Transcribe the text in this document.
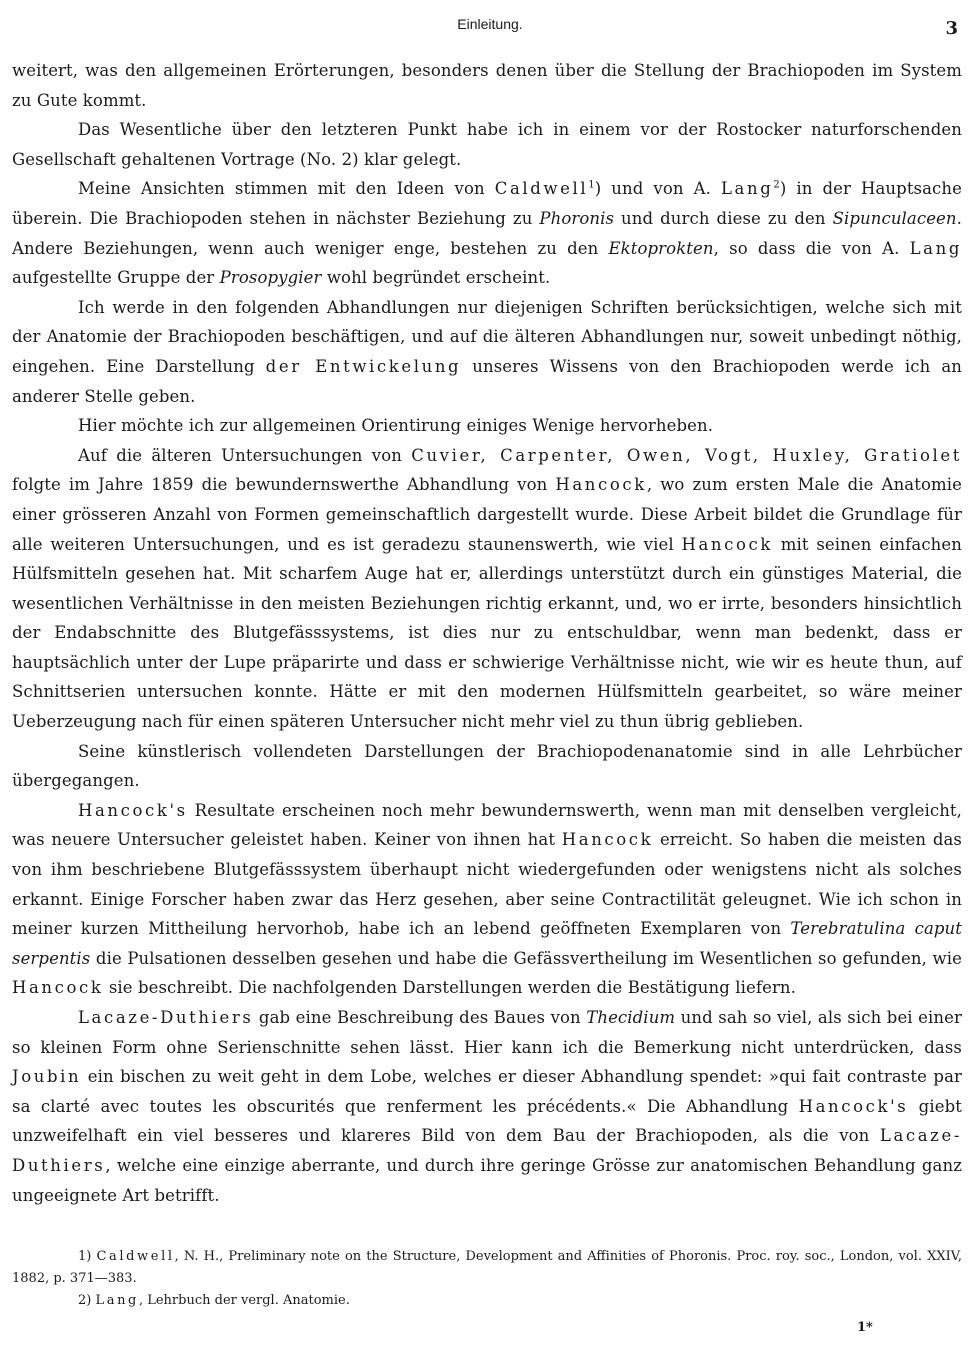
Einleitung.	3

weitert, was den allgemeinen Erörterungen, besonders denen über die Stellung der Brachiopoden im System zu Gute kommt.

Das Wesentliche über den letzteren Punkt habe ich in einem vor der Rostocker naturforschenden Gesellschaft gehaltenen Vortrage (No. 2) klar gelegt.

Meine Ansichten stimmen mit den Ideen von Caldwell$^1$) und von A. Lang$^2$) in der Hauptsache überein. Die Brachiopoden stehen in nächster Beziehung zu Phoronis und durch diese zu den Sipunculaceen. Andere Beziehungen, wenn auch weniger enge, bestehen zu den Ektoprokten, so dass die von A. Lang aufgestellte Gruppe der Prosopygier wohl begründet erscheint.

Ich werde in den folgenden Abhandlungen nur diejenigen Schriften berücksichtigen, welche sich mit der Anatomie der Brachiopoden beschäftigen, und auf die älteren Abhandlungen nur, soweit unbedingt nöthig, eingehen. Eine Darstellung der Entwickelung unseres Wissens von den Brachiopoden werde ich an anderer Stelle geben.

Hier möchte ich zur allgemeinen Orientirung einiges Wenige hervorheben.

Auf die älteren Untersuchungen von Cuvier, Carpenter, Owen, Vogt, Huxley, Gratiolet folgte im Jahre 1859 die bewundernswerthe Abhandlung von Hancock, wo zum ersten Male die Anatomie einer grösseren Anzahl von Formen gemeinschaftlich dargestellt wurde. Diese Arbeit bildet die Grundlage für alle weiteren Untersuchungen, und es ist geradezu staunenswerth, wie viel Hancock mit seinen einfachen Hülfsmitteln gesehen hat. Mit scharfem Auge hat er, allerdings unterstützt durch ein günstiges Material, die wesentlichen Verhältnisse in den meisten Beziehungen richtig erkannt, und, wo er irrte, besonders hinsichtlich der Endabschnitte des Blutgefässsystems, ist dies nur zu entschuldbar, wenn man bedenkt, dass er hauptsächlich unter der Lupe präparirte und dass er schwierige Verhältnisse nicht, wie wir es heute thun, auf Schnittserien untersuchen konnte. Hätte er mit den modernen Hülfsmitteln gearbeitet, so wäre meiner Ueberzeugung nach für einen späteren Untersucher nicht mehr viel zu thun übrig geblieben.

Seine künstlerisch vollendeten Darstellungen der Brachiopodenanatomie sind in alle Lehrbücher übergegangen.

Hancock's Resultate erscheinen noch mehr bewundernswerth, wenn man mit denselben vergleicht, was neuere Untersucher geleistet haben. Keiner von ihnen hat Hancock erreicht. So haben die meisten das von ihm beschriebene Blutgefässsystem überhaupt nicht wiedergefunden oder wenigstens nicht als solches erkannt. Einige Forscher haben zwar das Herz gesehen, aber seine Contractilität geleugnet. Wie ich schon in meiner kurzen Mittheilung hervorhob, habe ich an lebend geöffneten Exemplaren von Terebratulina caput serpentis die Pulsationen desselben gesehen und habe die Gefässvertheilung im Wesentlichen so gefunden, wie Hancock sie beschreibt. Die nachfolgenden Darstellungen werden die Bestätigung liefern.

Lacaze-Duthiers gab eine Beschreibung des Baues von Thecidium und sah so viel, als sich bei einer so kleinen Form ohne Serienschnitte sehen lässt. Hier kann ich die Bemerkung nicht unterdrücken, dass Joubin ein bischen zu weit geht in dem Lobe, welches er dieser Abhandlung spendet: »qui fait contraste par sa clarté avec toutes les obscurités que renferment les précédents.« Die Abhandlung Hancock's giebt unzweifelhaft ein viel besseres und klareres Bild von dem Bau der Brachiopoden, als die von Lacaze-Duthiers, welche eine einzige aberrante, und durch ihre geringe Grösse zur anatomischen Behandlung ganz ungeeignete Art betrifft.

1) Caldwell, N. H., Preliminary note on the Structure, Development and Affinities of Phoronis. Proc. roy. soc., London, vol. XXIV, 1882, p. 371—383.

2) Lang, Lehrbuch der vergl. Anatomie.

1*
